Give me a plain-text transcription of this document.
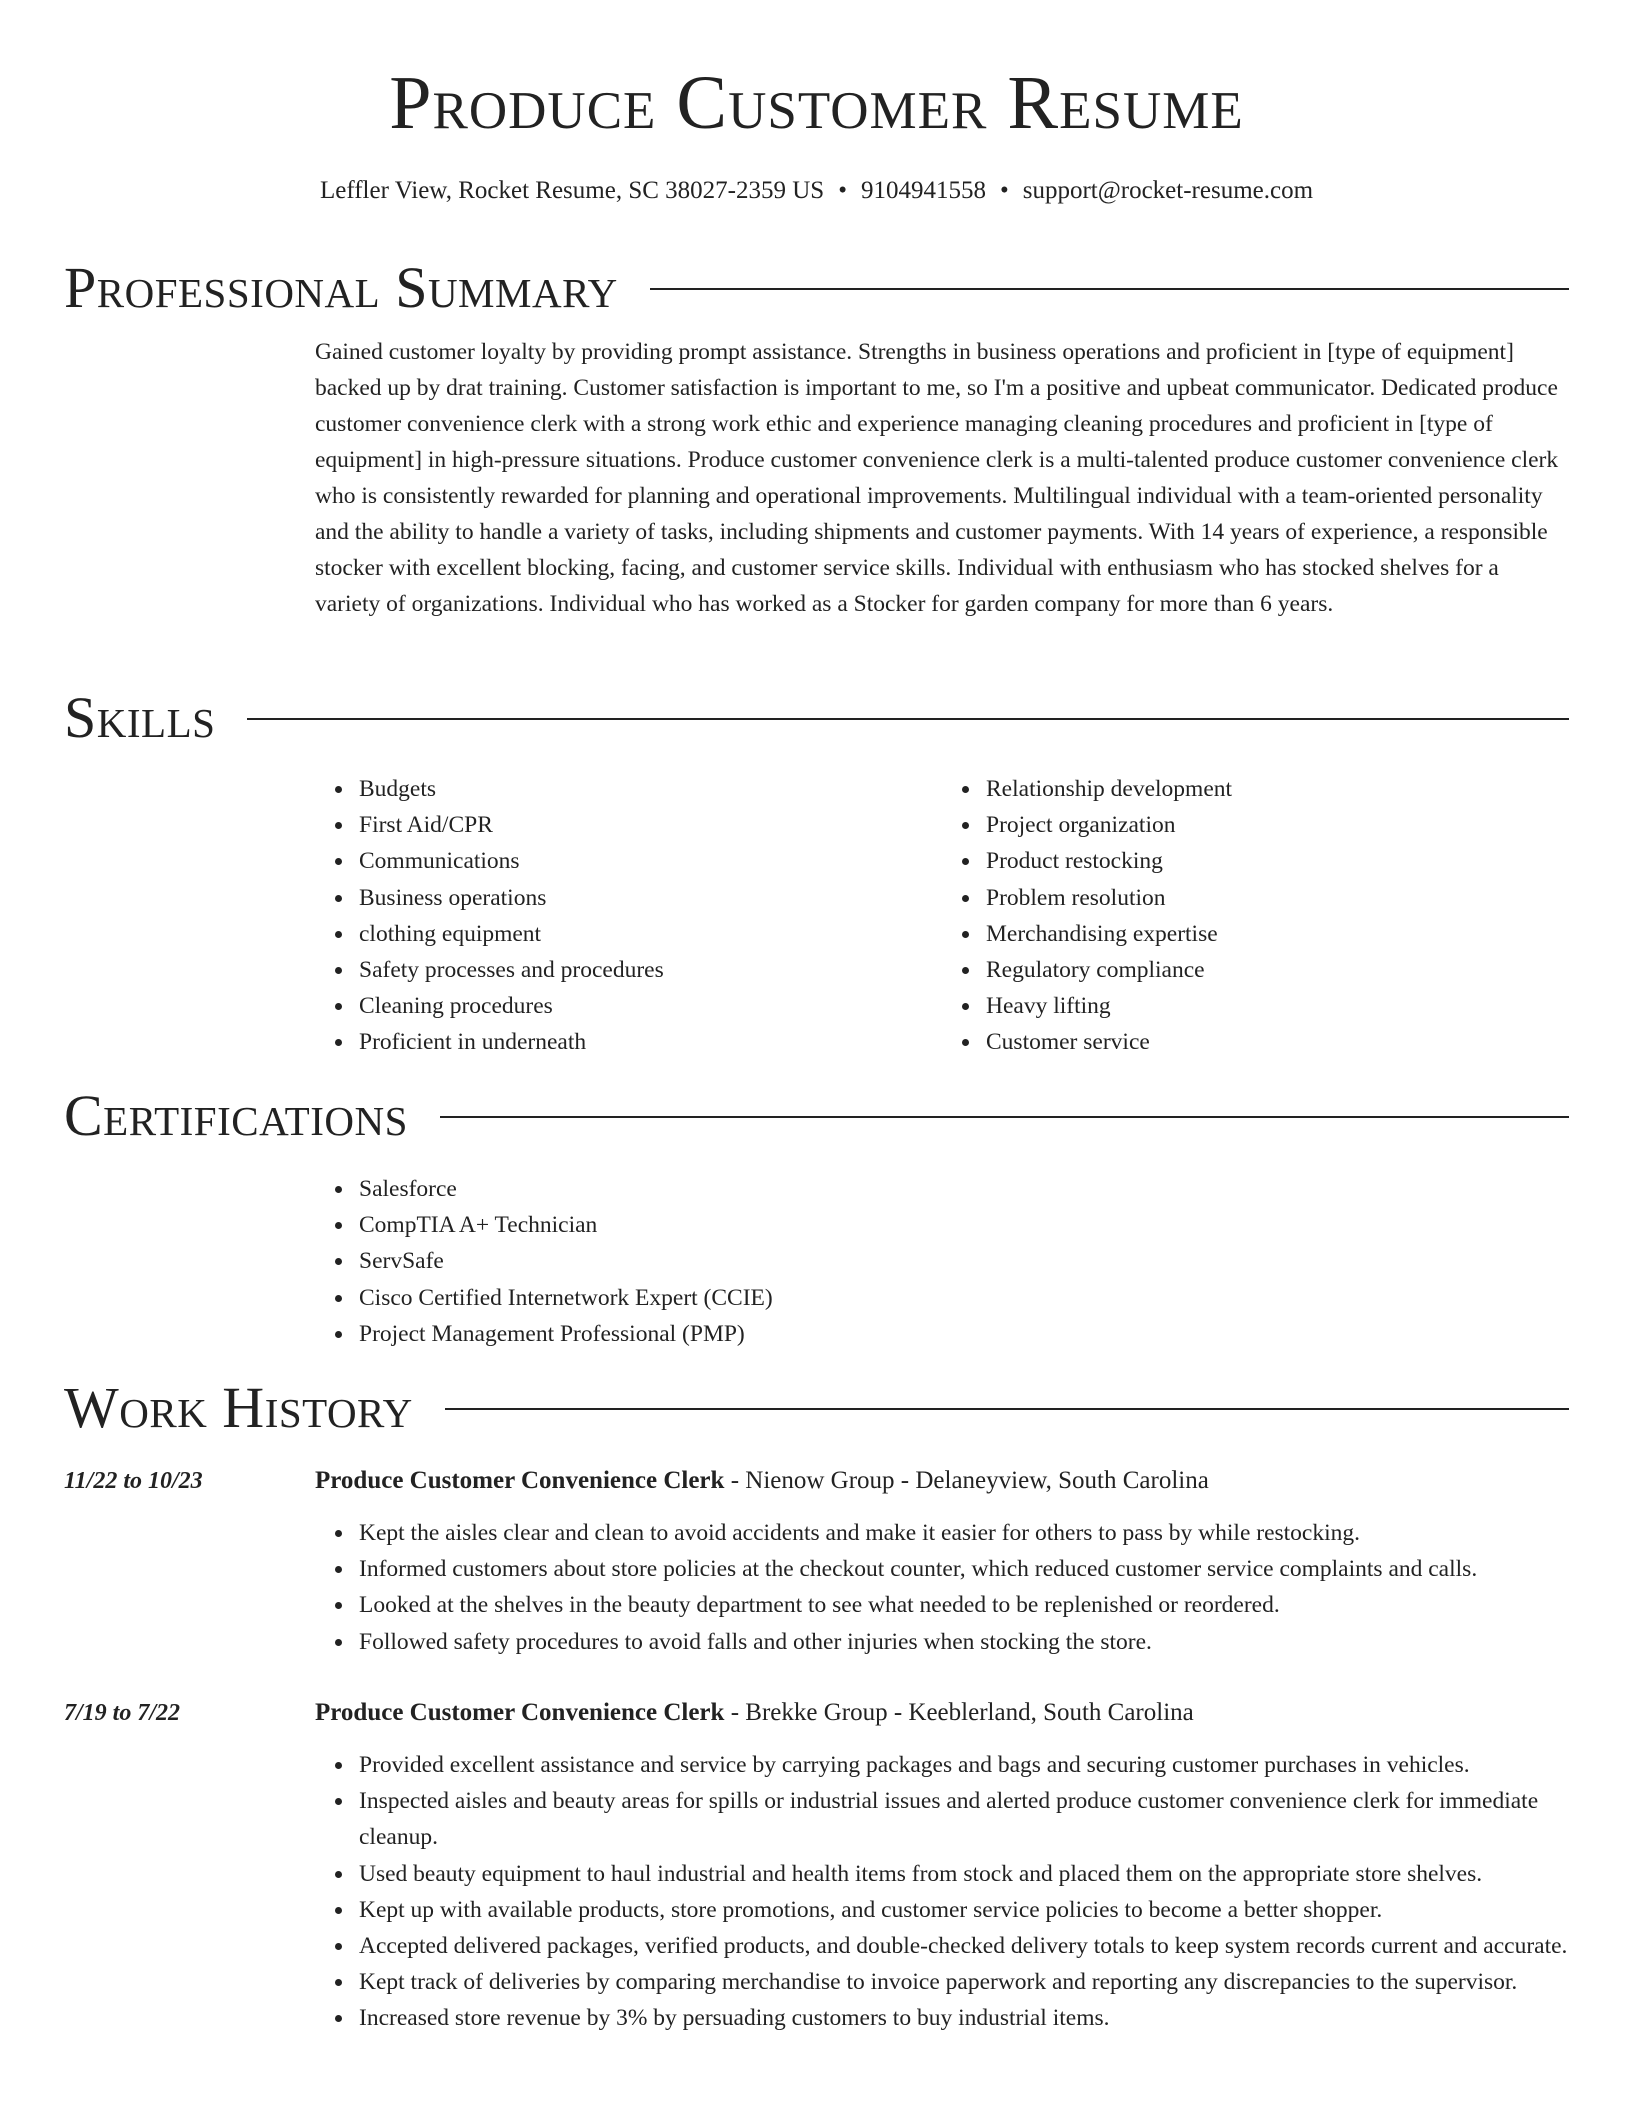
Produce Customer Resume
Leffler View, Rocket Resume, SC 38027-2359 US • 9104941558 • support@rocket-resume.com
Professional Summary

Gained customer loyalty by providing prompt assistance. Strengths in business operations and proficient in [type of equipment] backed up by drat training. Customer satisfaction is important to me, so I'm a positive and upbeat communicator. Dedicated produce customer convenience clerk with a strong work ethic and experience managing cleaning procedures and proficient in [type of equipment] in high-pressure situations. Produce customer convenience clerk is a multi-talented produce customer convenience clerk who is consistently rewarded for planning and operational improvements. Multilingual individual with a team-oriented personality and the ability to handle a variety of tasks, including shipments and customer payments. With 14 years of experience, a responsible stocker with excellent blocking, facing, and customer service skills. Individual with enthusiasm who has stocked shelves for a variety of organizations. Individual who has worked as a Stocker for garden company for more than 6 years.

Skills
Budgets
First Aid/CPR
Communications
Business operations
clothing equipment
Safety processes and procedures
Cleaning procedures
Proficient in underneath
Relationship development
Project organization
Product restocking
Problem resolution
Merchandising expertise
Regulatory compliance
Heavy lifting
Customer service
Certifications
Salesforce
CompTIA A+ Technician
ServSafe
Cisco Certified Internetwork Expert (CCIE)
Project Management Professional (PMP)
Work History
11/22 to 10/23	Produce Customer Convenience Clerk - Nienow Group - Delaneyview, South Carolina
Kept the aisles clear and clean to avoid accidents and make it easier for others to pass by while restocking.
Informed customers about store policies at the checkout counter, which reduced customer service complaints and calls.
Looked at the shelves in the beauty department to see what needed to be replenished or reordered.
Followed safety procedures to avoid falls and other injuries when stocking the store.
7/19 to 7/22	Produce Customer Convenience Clerk - Brekke Group - Keeblerland, South Carolina
Provided excellent assistance and service by carrying packages and bags and securing customer purchases in vehicles.
Inspected aisles and beauty areas for spills or industrial issues and alerted produce customer convenience clerk for immediate cleanup.
Used beauty equipment to haul industrial and health items from stock and placed them on the appropriate store shelves.
Kept up with available products, store promotions, and customer service policies to become a better shopper.
Accepted delivered packages, verified products, and double-checked delivery totals to keep system records current and accurate.
Kept track of deliveries by comparing merchandise to invoice paperwork and reporting any discrepancies to the supervisor.
Increased store revenue by 3% by persuading customers to buy industrial items.
